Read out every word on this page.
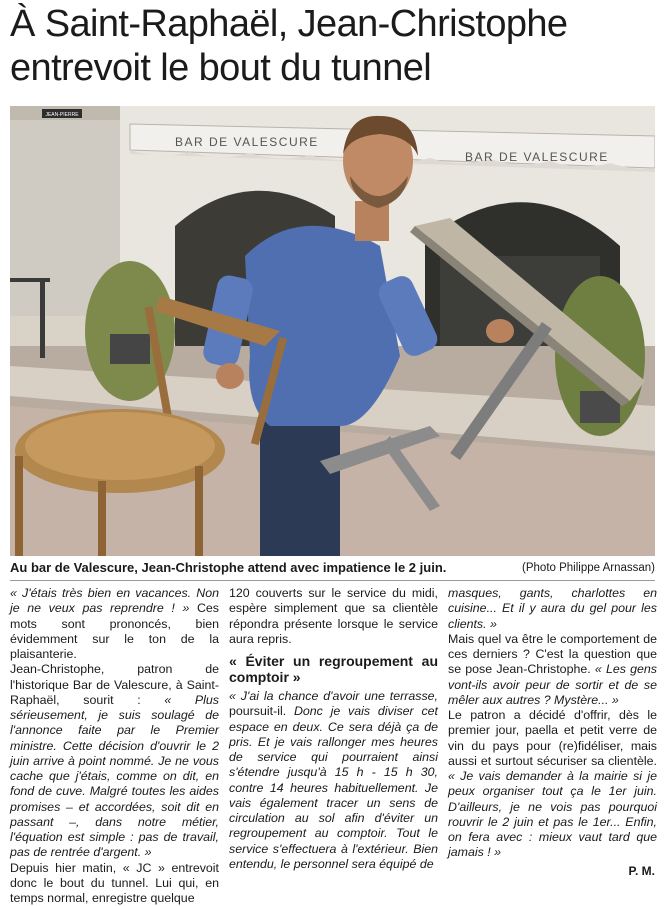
À Saint-Raphaël, Jean-Christophe
entrevoit le bout du tunnel
JEAN-PIERRE
BAR DE VALESCURE
BAR DE VALESCURE
Au bar de Valescure, Jean-Christophe attend avec impatience le 2 juin.	(Photo Philippe Arnassan)

« J'étais très bien en vacances. Non je ne veux pas reprendre ! » Ces mots sont prononcés, bien évidemment sur le ton de la plaisanterie.

Jean-Christophe, patron de l'historique Bar de Valescure, à Saint-Raphaël, sourit : « Plus sérieusement, je suis soulagé de l'annonce faite par le Premier ministre. Cette décision d'ouvrir le 2 juin arrive à point nommé. Je ne vous cache que j'étais, comme on dit, en fond de cuve. Malgré toutes les aides promises – et accordées, soit dit en passant –, dans notre métier, l'équation est simple : pas de travail, pas de rentrée d'argent. »

Depuis hier matin, « JC » entrevoit donc le bout du tunnel. Lui qui, en temps normal, enregistre quelque

120 couverts sur le service du midi, espère simplement que sa clientèle répondra présente lorsque le service aura repris.

« Éviter un regroupement au comptoir »

« J'ai la chance d'avoir une terrasse, poursuit-il. Donc je vais diviser cet espace en deux. Ce sera déjà ça de pris. Et je vais rallonger mes heures de service qui pourraient ainsi s'étendre jusqu'à 15 h - 15 h 30, contre 14 heures habituellement. Je vais également tracer un sens de circulation au sol afin d'éviter un regroupement au comptoir. Tout le service s'effectuera à l'extérieur. Bien entendu, le personnel sera équipé de

masques, gants, charlottes en cuisine... Et il y aura du gel pour les clients. »

Mais quel va être le comportement de ces derniers ? C'est la question que se pose Jean-Christophe. « Les gens vont-ils avoir peur de sortir et de se mêler aux autres ? Mystère... »

Le patron a décidé d'offrir, dès le premier jour, paella et petit verre de vin du pays pour (re)fidéliser, mais aussi et surtout sécuriser sa clientèle. « Je vais demander à la mairie si je peux organiser tout ça le 1er juin. D'ailleurs, je ne vois pas pourquoi rouvrir le 2 juin et pas le 1er... Enfin, on fera avec : mieux vaut tard que jamais ! »

P. M.
